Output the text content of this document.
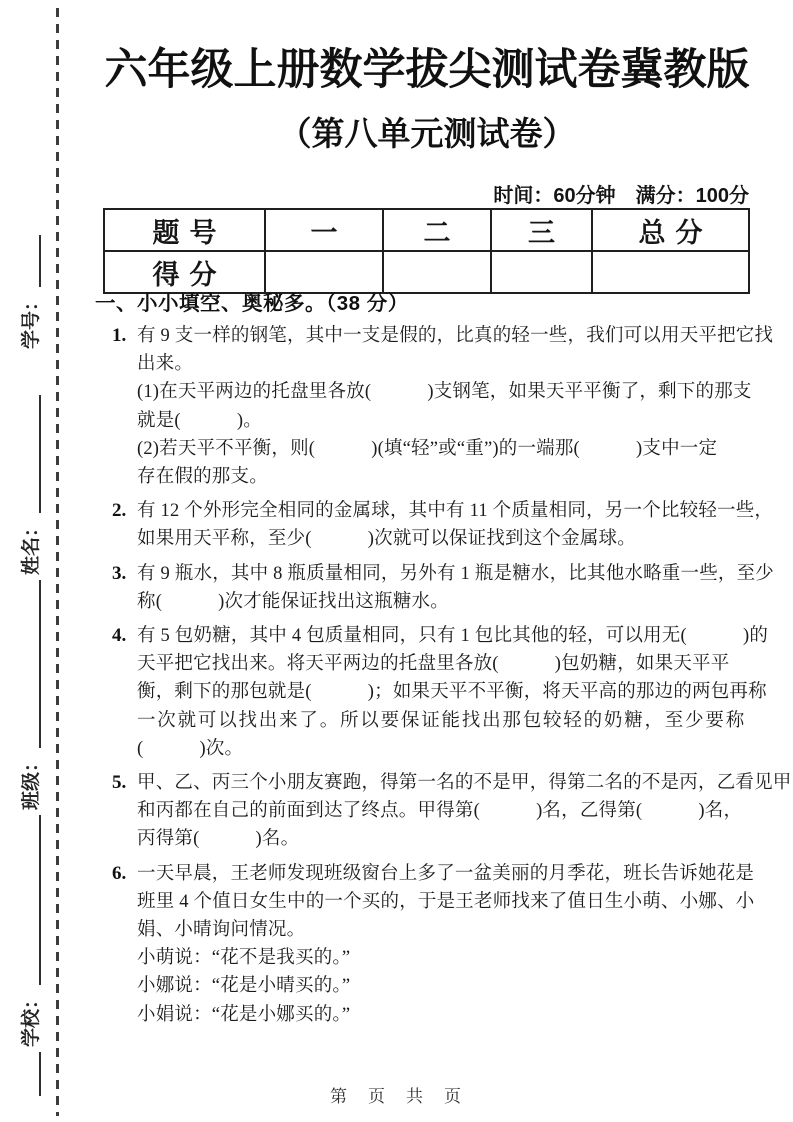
学校：
班级：
姓名：
学号：
六年级上册数学拔尖测试卷冀教版
（第八单元测试卷）
时间：60分钟　满分：100分
题号	一	二	三	总分
得分				
一、小小填空、奥秘多。（38 分）
1. 有 9 支一样的钢笔，其中一支是假的，比真的轻一些，我们可以用天平把它找
出来。
(1)在天平两边的托盘里各放(　　　)支钢笔，如果天平平衡了，剩下的那支
就是(　　　)。
(2)若天平不平衡，则(　　　)(填“轻”或“重”)的一端那(　　　)支中一定
存在假的那支。
2. 有 12 个外形完全相同的金属球，其中有 11 个质量相同，另一个比较轻一些，
如果用天平称，至少(　　　)次就可以保证找到这个金属球。
3. 有 9 瓶水，其中 8 瓶质量相同，另外有 1 瓶是糖水，比其他水略重一些，至少
称(　　　)次才能保证找出这瓶糖水。
4. 有 5 包奶糖，其中 4 包质量相同，只有 1 包比其他的轻，可以用无(　　　)的
天平把它找出来。将天平两边的托盘里各放(　　　)包奶糖，如果天平平
衡，剩下的那包就是(　　　)；如果天平不平衡，将天平高的那边的两包再称
一次就可以找出来了。所以要保证能找出那包较轻的奶糖，至少要称
(　　　)次。
5. 甲、乙、丙三个小朋友赛跑，得第一名的不是甲，得第二名的不是丙，乙看见甲
和丙都在自己的前面到达了终点。甲得第(　　　)名，乙得第(　　　)名，
丙得第(　　　)名。
6. 一天早晨，王老师发现班级窗台上多了一盆美丽的月季花，班长告诉她花是
班里 4 个值日女生中的一个买的，于是王老师找来了值日生小萌、小娜、小
娟、小晴询问情况。
小萌说：“花不是我买的。”
小娜说：“花是小晴买的。”
小娟说：“花是小娜买的。”
第　页　共　页
